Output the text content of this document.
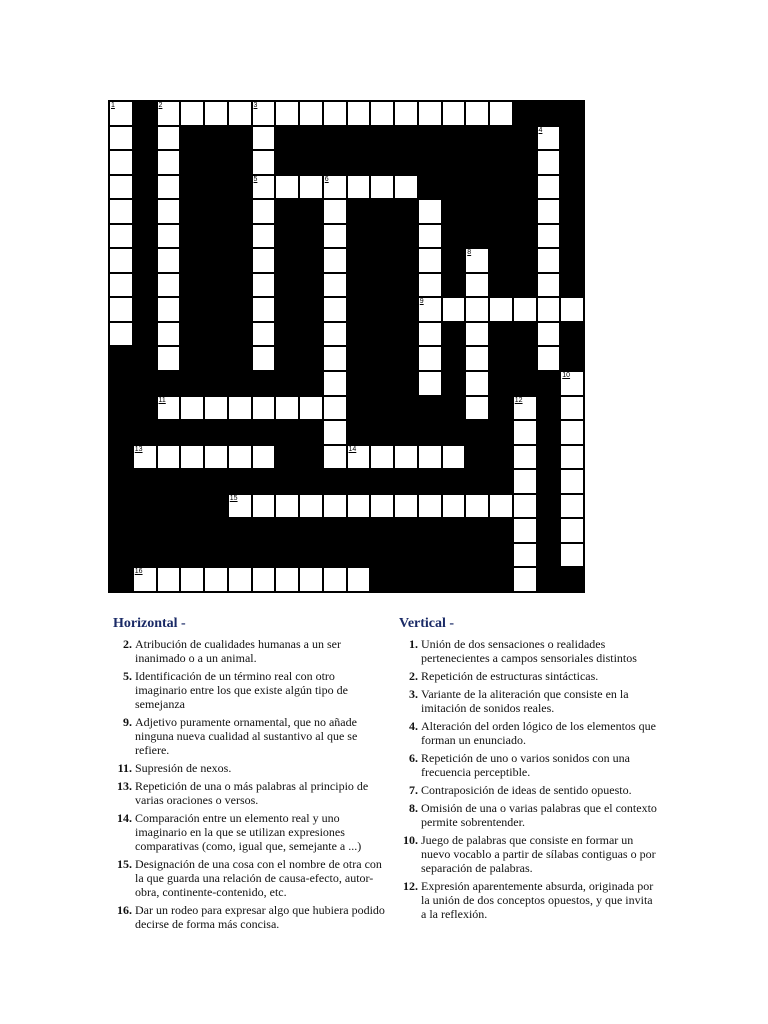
1	2	3
4
5	6	7
8
9
10
11	12
13	14
15
16
Horizontal -
2. Atribución de cualidades humanas a un ser inanimado o a un animal.
5. Identificación de un término real con otro imaginario entre los que existe algún tipo de semejanza
9. Adjetivo puramente ornamental, que no añade ninguna nueva cualidad al sustantivo al que se refiere.
11. Supresión de nexos.
13. Repetición de una o más palabras al principio de varias oraciones o versos.
14. Comparación entre un elemento real y uno imaginario en la que se utilizan expresiones comparativas (como, igual que, semejante a ...)
15. Designación de una cosa con el nombre de otra con la que guarda una relación de causa-efecto, autor-obra, continente-contenido, etc.
16. Dar un rodeo para expresar algo que hubiera podido decirse de forma más concisa.
Vertical -
1. Unión de dos sensaciones o realidades pertenecientes a campos sensoriales distintos
2. Repetición de estructuras sintácticas.
3. Variante de la aliteración que consiste en la imitación de sonidos reales.
4. Alteración del orden lógico de los elementos que forman un enunciado.
6. Repetición de uno o varios sonidos con una frecuencia perceptible.
7. Contraposición de ideas de sentido opuesto.
8. Omisión de una o varias palabras que el contexto permite sobrentender.
10. Juego de palabras que consiste en formar un nuevo vocablo a partir de sílabas contiguas o por separación de palabras.
12. Expresión aparentemente absurda, originada por la unión de dos conceptos opuestos, y que invita a la reflexión.
